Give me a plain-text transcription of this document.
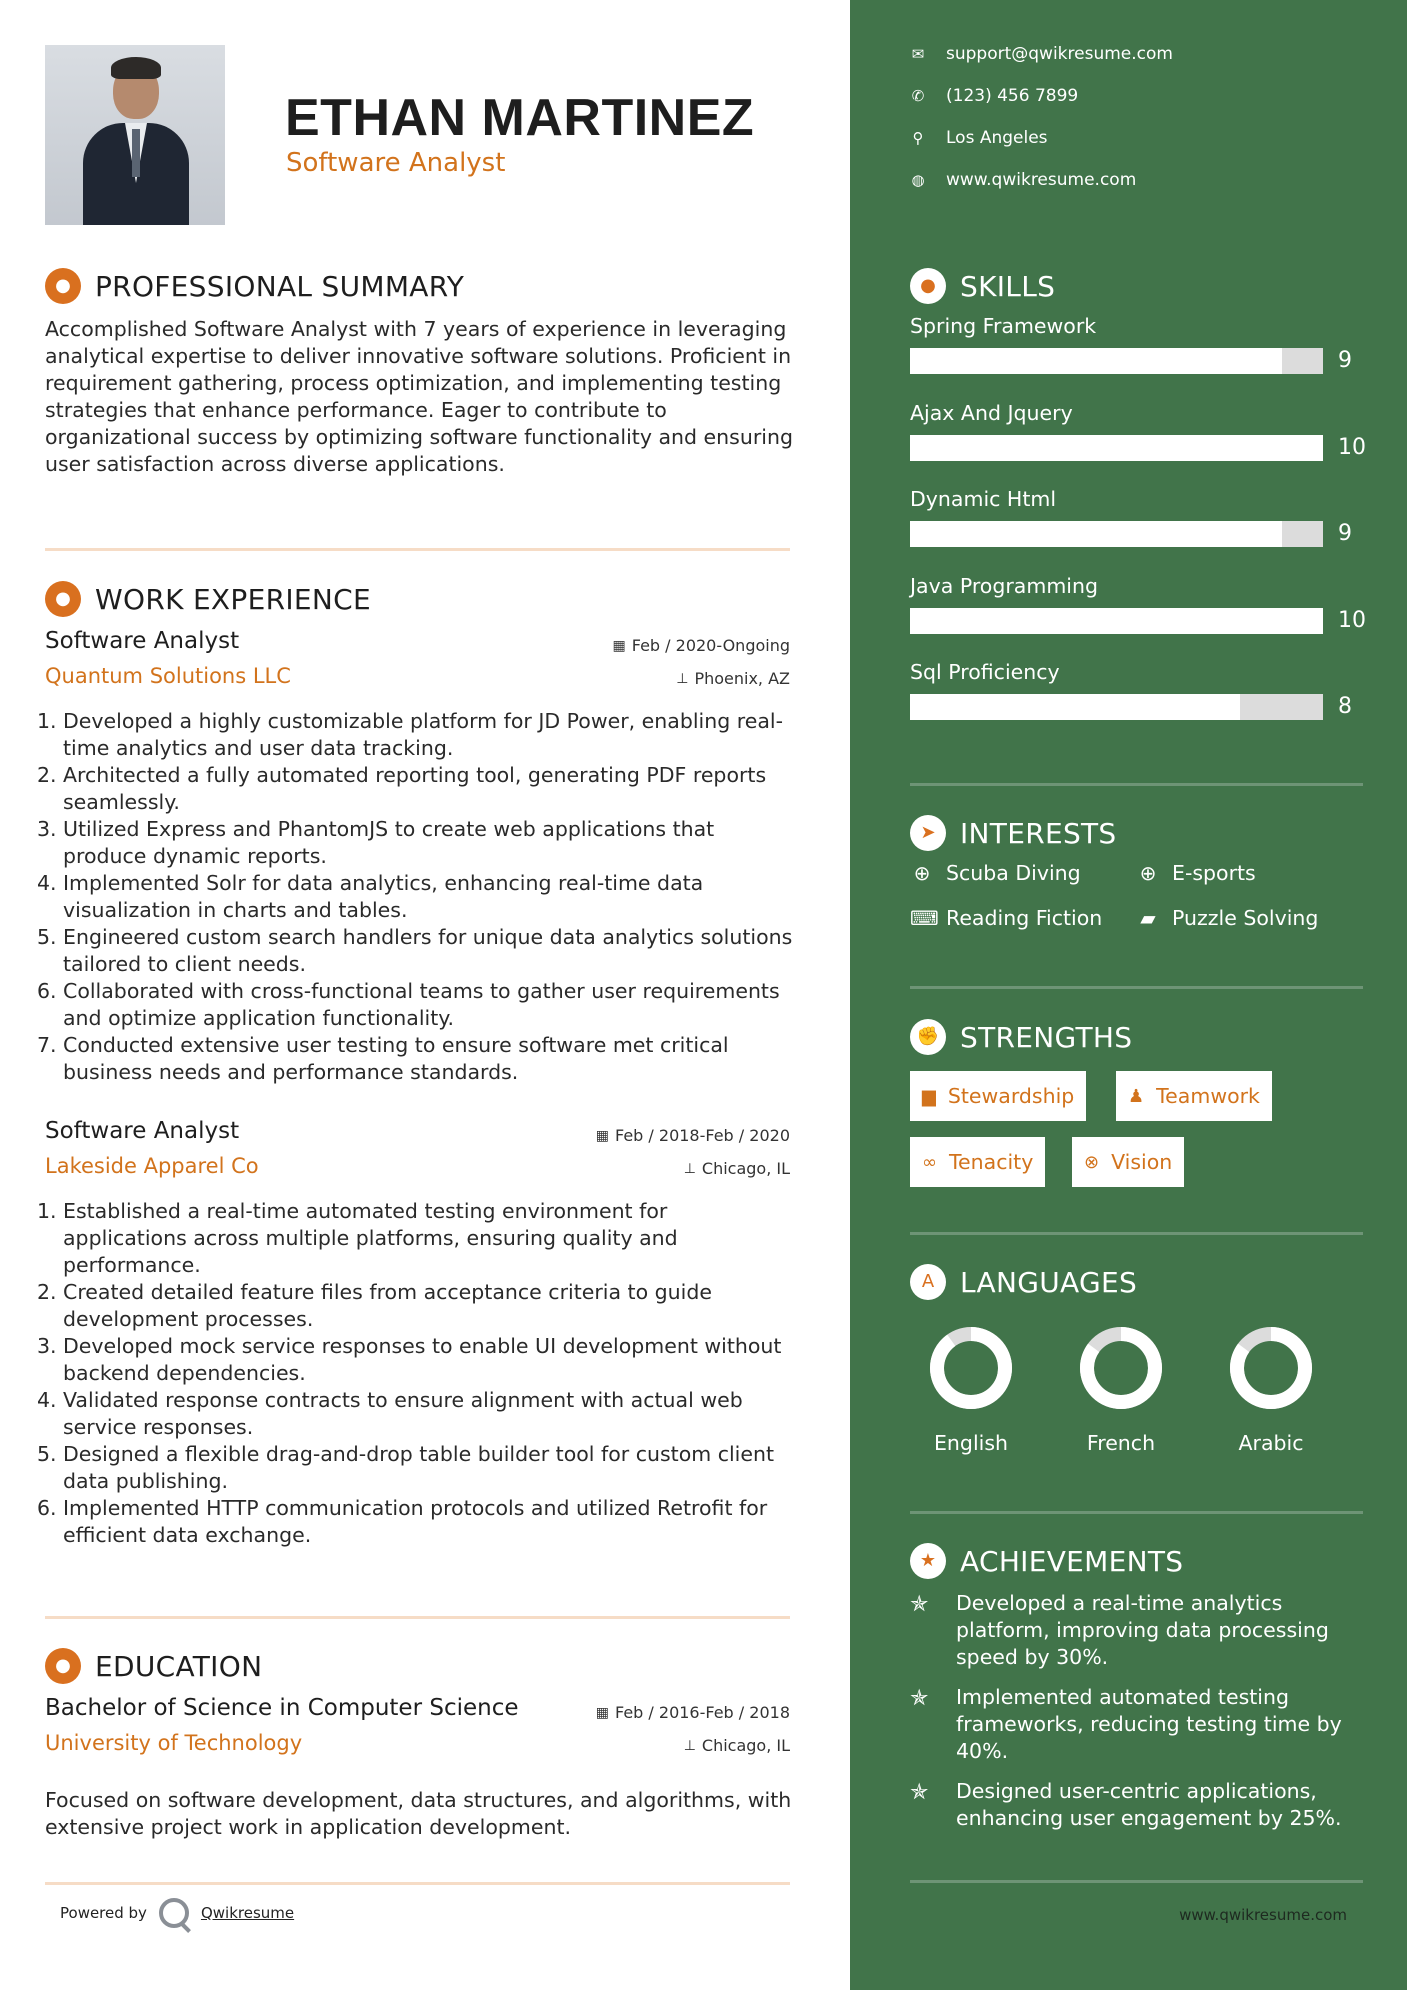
ETHAN MARTINEZ
Software Analyst
● PROFESSIONAL SUMMARY
Accomplished Software Analyst with 7 years of experience in leveraging analytical expertise to deliver innovative software solutions. Proficient in requirement gathering, process optimization, and implementing testing strategies that enhance performance. Eager to contribute to organizational success by optimizing software functionality and ensuring user satisfaction across diverse applications.
● WORK EXPERIENCE
Software Analyst
Quantum Solutions LLC
▦ Feb / 2020-Ongoing
⊥ Phoenix, AZ
1. Developed a highly customizable platform for JD Power, enabling real-time analytics and user data tracking.
2. Architected a fully automated reporting tool, generating PDF reports seamlessly.
3. Utilized Express and PhantomJS to create web applications that produce dynamic reports.
4. Implemented Solr for data analytics, enhancing real-time data visualization in charts and tables.
5. Engineered custom search handlers for unique data analytics solutions tailored to client needs.
6. Collaborated with cross-functional teams to gather user requirements and optimize application functionality.
7. Conducted extensive user testing to ensure software met critical business needs and performance standards.
Software Analyst
Lakeside Apparel Co
▦ Feb / 2018-Feb / 2020
⊥ Chicago, IL
1. Established a real-time automated testing environment for applications across multiple platforms, ensuring quality and performance.
2. Created detailed feature files from acceptance criteria to guide development processes.
3. Developed mock service responses to enable UI development without backend dependencies.
4. Validated response contracts to ensure alignment with actual web service responses.
5. Designed a flexible drag-and-drop table builder tool for custom client data publishing.
6. Implemented HTTP communication protocols and utilized Retrofit for efficient data exchange.
● EDUCATION
Bachelor of Science in Computer Science
University of Technology
▦ Feb / 2016-Feb / 2018
⊥ Chicago, IL
Focused on software development, data structures, and algorithms, with extensive project work in application development.
Powered by	Qwikresume
✉ support@qwikresume.com
✆ (123) 456 7899
⚲ Los Angeles
◍ www.qwikresume.com
● SKILLS
Spring Framework
9
Ajax And Jquery
10
Dynamic Html
9
Java Programming
10
Sql Proficiency
8
➤ INTERESTS
⊕ Scuba Diving	⊕ E-sports
⌨ Reading Fiction ▰ Puzzle Solving
✊ STRENGTHS
▆ Stewardship	♟ Teamwork
∞ Tenacity	⊗ Vision
A LANGUAGES
English	French	Arabic
★ ACHIEVEMENTS
✯	Developed a real-time analytics platform, improving data processing speed by 30%.
✯	Implemented automated testing frameworks, reducing testing time by 40%.
✯	Designed user-centric applications, enhancing user engagement by 25%.
www.qwikresume.com
